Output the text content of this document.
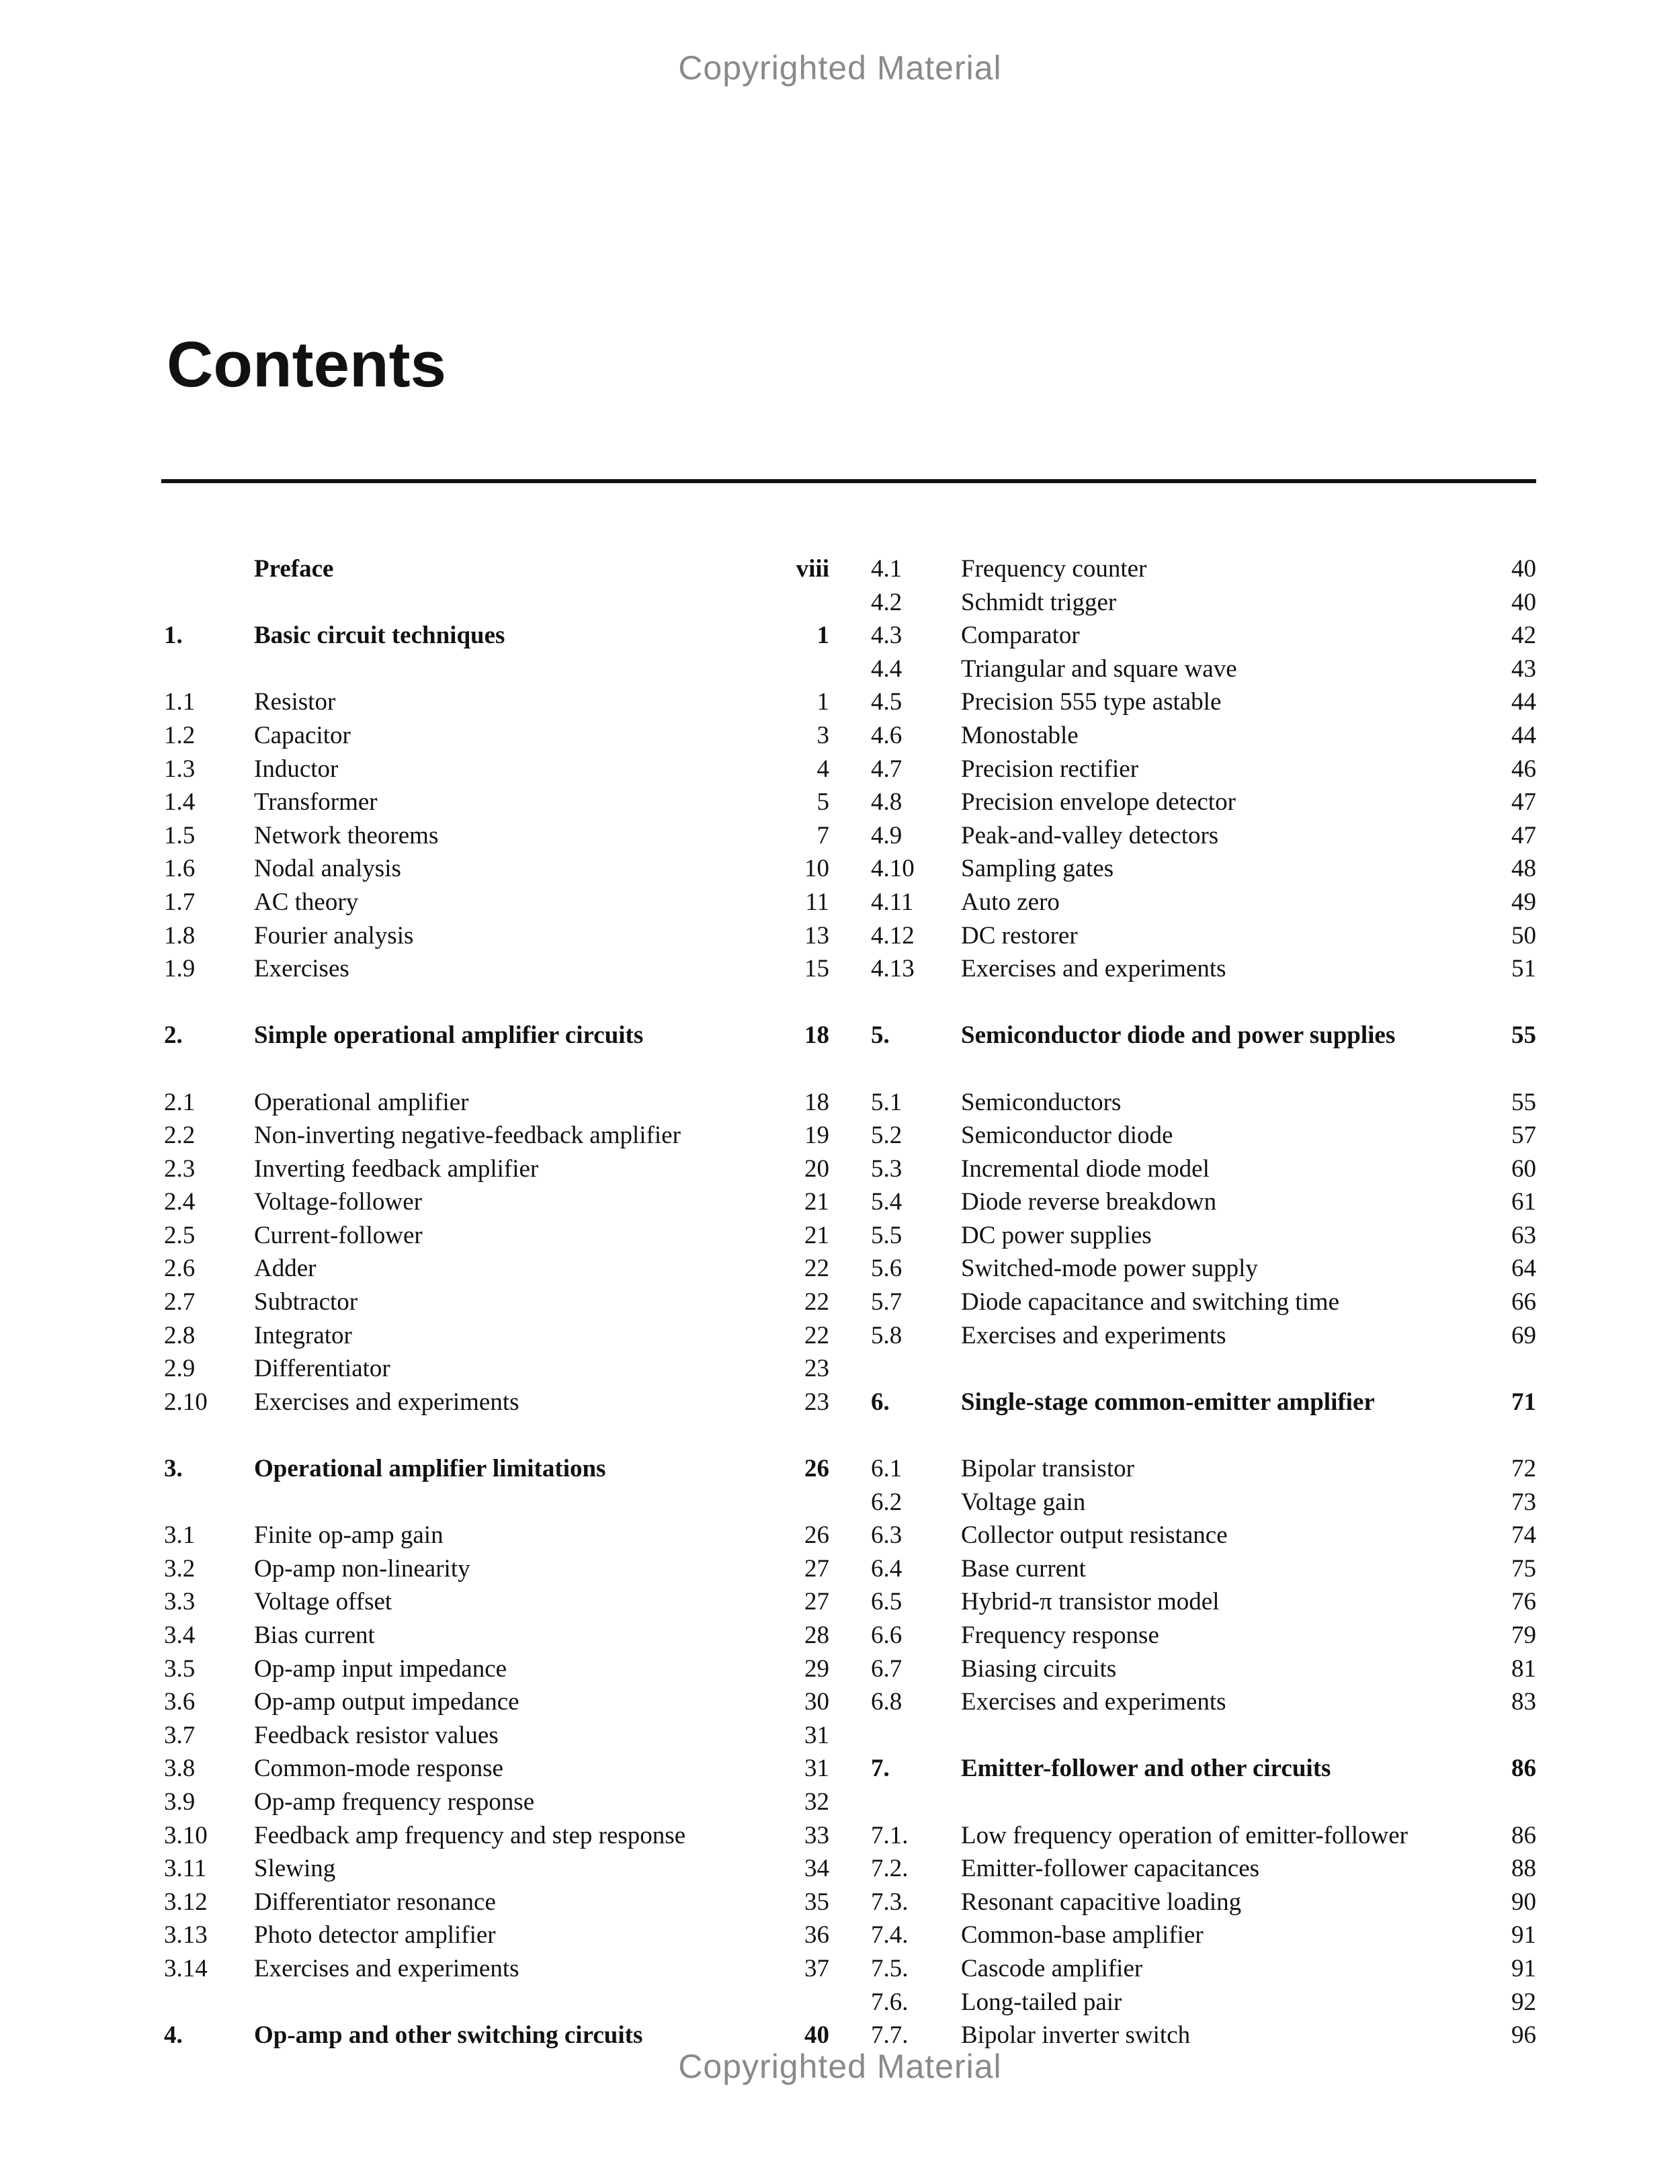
Copyrighted Material
Contents
Preface	viii
1.	Basic circuit techniques	1
1.1 Resistor	1
1.2 Capacitor	3
1.3 Inductor	4
1.4 Transformer	5
1.5 Network theorems	7
1.6 Nodal analysis	10
1.7 AC theory	11
1.8 Fourier analysis	13
1.9 Exercises	15
2.	Simple operational amplifier circuits	18
2.1 Operational amplifier	18
2.2 Non-inverting negative-feedback amplifier	19
2.3 Inverting feedback amplifier	20
2.4 Voltage-follower	21
2.5 Current-follower	21
2.6 Adder	22
2.7 Subtractor	22
2.8 Integrator	22
2.9 Differentiator	23
2.10 Exercises and experiments	23
3.	Operational amplifier limitations	26
3.1 Finite op-amp gain	26
3.2 Op-amp non-linearity	27
3.3 Voltage offset	27
3.4 Bias current	28
3.5 Op-amp input impedance	29
3.6 Op-amp output impedance	30
3.7 Feedback resistor values	31
3.8 Common-mode response	31
3.9 Op-amp frequency response	32
3.10 Feedback amp frequency and step response	33
3.11 Slewing	34
3.12 Differentiator resonance	35
3.13 Photo detector amplifier	36
3.14 Exercises and experiments	37
4.	Op-amp and other switching circuits	40
4.1 Frequency counter	40
4.2 Schmidt trigger	40
4.3 Comparator	42
4.4 Triangular and square wave	43
4.5 Precision 555 type astable	44
4.6 Monostable	44
4.7 Precision rectifier	46
4.8 Precision envelope detector	47
4.9 Peak-and-valley detectors	47
4.10 Sampling gates	48
4.11 Auto zero	49
4.12 DC restorer	50
4.13 Exercises and experiments	51
5.	Semiconductor diode and power supplies	55
5.1 Semiconductors	55
5.2 Semiconductor diode	57
5.3 Incremental diode model	60
5.4 Diode reverse breakdown	61
5.5 DC power supplies	63
5.6 Switched-mode power supply	64
5.7 Diode capacitance and switching time	66
5.8 Exercises and experiments	69
6.	Single-stage common-emitter amplifier	71
6.1 Bipolar transistor	72
6.2 Voltage gain	73
6.3 Collector output resistance	74
6.4 Base current	75
6.5 Hybrid-π transistor model	76
6.6 Frequency response	79
6.7 Biasing circuits	81
6.8 Exercises and experiments	83
7.	Emitter-follower and other circuits	86
7.1. Low frequency operation of emitter-follower	86
7.2. Emitter-follower capacitances	88
7.3. Resonant capacitive loading	90
7.4. Common-base amplifier	91
7.5. Cascode amplifier	91
7.6. Long-tailed pair	92
7.7. Bipolar inverter switch	96
Copyrighted Material
